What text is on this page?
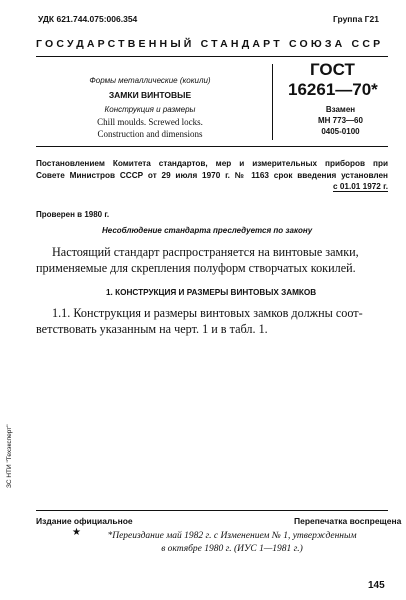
УДК 621.744.075:006.354	Группа Г21
ГОСУДАРСТВЕННЫЙ СТАНДАРТ СОЮЗА ССР
Формы металлические (кокили)
ЗАМКИ ВИНТОВЫЕ
Конструкция и размеры
Chill moulds. Screwed locks.
Construction and dimensions
ГОСТ
16261—70*
Взамен
МН 773—60
0405-0100
Постановлением Комитета стандартов, мер и измерительных приборов при
Совете Министров СССР от 29 июля 1970 г. № 1163 срок введения установлен
с 01.01 1972 г.
Проверен в 1980 г.
Несоблюдение стандарта преследуется по закону
Настоящий стандарт распространяется на винтовые замки,
применяемые для скрепления полуформ створчатых кокилей.
1. КОНСТРУКЦИЯ И РАЗМЕРЫ ВИНТОВЫХ ЗАМКОВ
1.1. Конструкция и размеры винтовых замков должны соот-
ветствовать указанным на черт. 1 и в табл. 1.
ЗС НТИ "Техэксперт"
Издание официальное	Перепечатка воспрещена
★	*Переиздание май 1982 г. с Изменением № 1, утвержденным
в октябре 1980 г. (ИУС 1—1981 г.)
145
